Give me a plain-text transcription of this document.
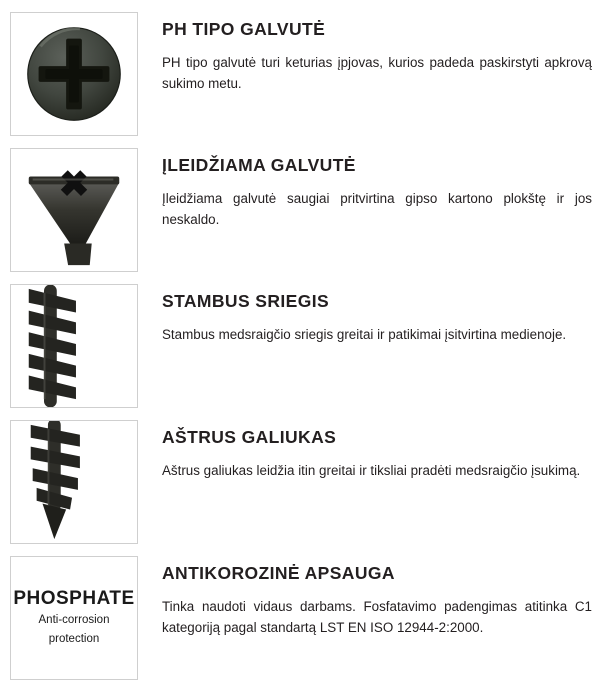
PH TIPO GALVUTĖ

PH tipo galvutė turi keturias įpjovas, kurios padeda paskirstyti apkrovą sukimo metu.

ĮLEIDŽIAMA GALVUTĖ

Įleidžiama galvutė saugiai pritvirtina gipso kartono plokštę ir jos neskaldo.

STAMBUS SRIEGIS

Stambus medsraigčio sriegis greitai ir patikimai įsitvirtina medienoje.

AŠTRUS GALIUKAS

Aštrus galiukas leidžia itin greitai ir tiksliai pradėti medsraigčio įsukimą.

PHOSPHATE
Anti-corrosion
protection
ANTIKOROZINĖ APSAUGA

Tinka naudoti vidaus darbams. Fosfatavimo padengimas atitinka C1 kategoriją pagal standartą LST EN ISO 12944-2:2000.
